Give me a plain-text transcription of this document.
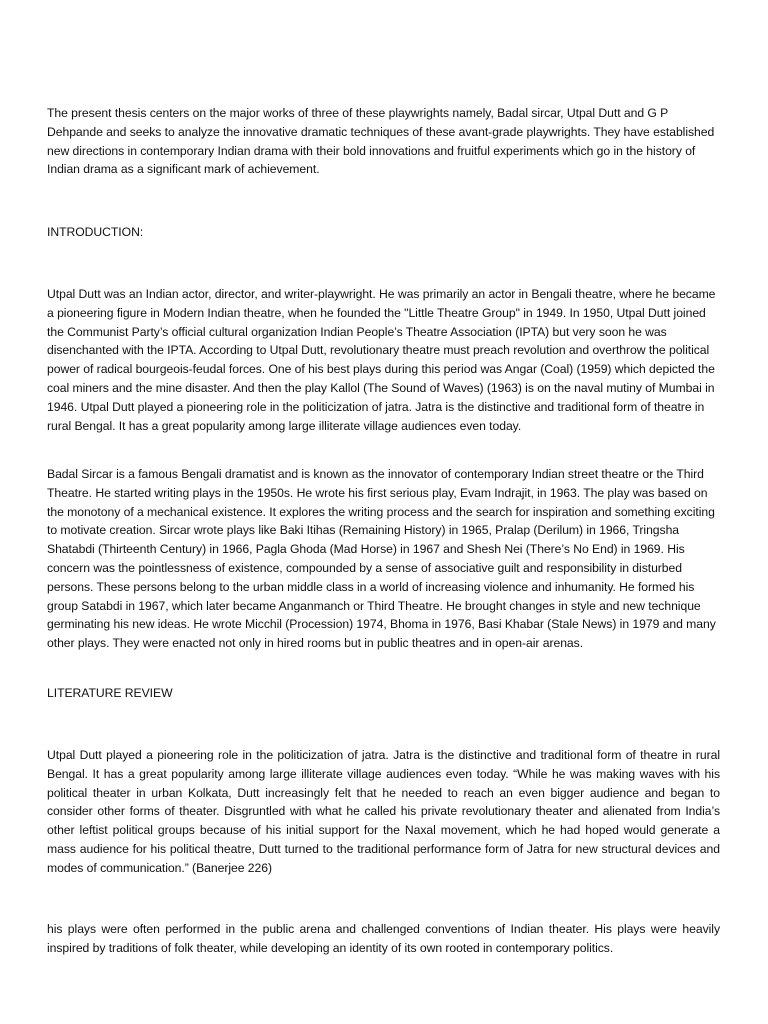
The present thesis centers on the major works of three of these playwrights namely, Badal sircar, Utpal Dutt and G P Dehpande and seeks to analyze the innovative dramatic techniques of these avant-grade playwrights. They have established new directions in contemporary Indian drama with their bold innovations and fruitful experiments which go in the history of Indian drama as a significant mark of achievement.

INTRODUCTION:

Utpal Dutt was an Indian actor, director, and writer-playwright. He was primarily an actor in Bengali theatre, where he became a pioneering figure in Modern Indian theatre, when he founded the "Little Theatre Group" in 1949. In 1950, Utpal Dutt joined the Communist Party’s official cultural organization Indian People’s Theatre Association (IPTA) but very soon he was disenchanted with the IPTA. According to Utpal Dutt, revolutionary theatre must preach revolution and overthrow the political power of radical bourgeois-feudal forces. One of his best plays during this period was Angar (Coal) (1959) which depicted the coal miners and the mine disaster. And then the play Kallol (The Sound of Waves) (1963) is on the naval mutiny of Mumbai in 1946. Utpal Dutt played a pioneering role in the politicization of jatra. Jatra is the distinctive and traditional form of theatre in rural Bengal. It has a great popularity among large illiterate village audiences even today.

Badal Sircar is a famous Bengali dramatist and is known as the innovator of contemporary Indian street theatre or the Third Theatre. He started writing plays in the 1950s. He wrote his first serious play, Evam Indrajit, in 1963. The play was based on the monotony of a mechanical existence. It explores the writing process and the search for inspiration and something exciting to motivate creation. Sircar wrote plays like Baki Itihas (Remaining History) in 1965, Pralap (Derilum) in 1966, Tringsha Shatabdi (Thirteenth Century) in 1966, Pagla Ghoda (Mad Horse) in 1967 and Shesh Nei (There’s No End) in 1969. His concern was the pointlessness of existence, compounded by a sense of associative guilt and responsibility in disturbed persons. These persons belong to the urban middle class in a world of increasing violence and inhumanity. He formed his group Satabdi in 1967, which later became Anganmanch or Third Theatre. He brought changes in style and new technique germinating his new ideas. He wrote Micchil (Procession) 1974, Bhoma in 1976, Basi Khabar (Stale News) in 1979 and many other plays. They were enacted not only in hired rooms but in public theatres and in open-air arenas.

LITERATURE REVIEW

Utpal Dutt played a pioneering role in the politicization of jatra. Jatra is the distinctive and traditional form of theatre in rural Bengal. It has a great popularity among large illiterate village audiences even today. “While he was making waves with his political theater in urban Kolkata, Dutt increasingly felt that he needed to reach an even bigger audience and began to consider other forms of theater. Disgruntled with what he called his private revolutionary theater and alienated from India’s other leftist political groups because of his initial support for the Naxal movement, which he had hoped would generate a mass audience for his political theatre, Dutt turned to the traditional performance form of Jatra for new structural devices and modes of communication.” (Banerjee 226)

his plays were often performed in the public arena and challenged conventions of Indian theater. His plays were heavily inspired by traditions of folk theater, while developing an identity of its own rooted in contemporary politics.
